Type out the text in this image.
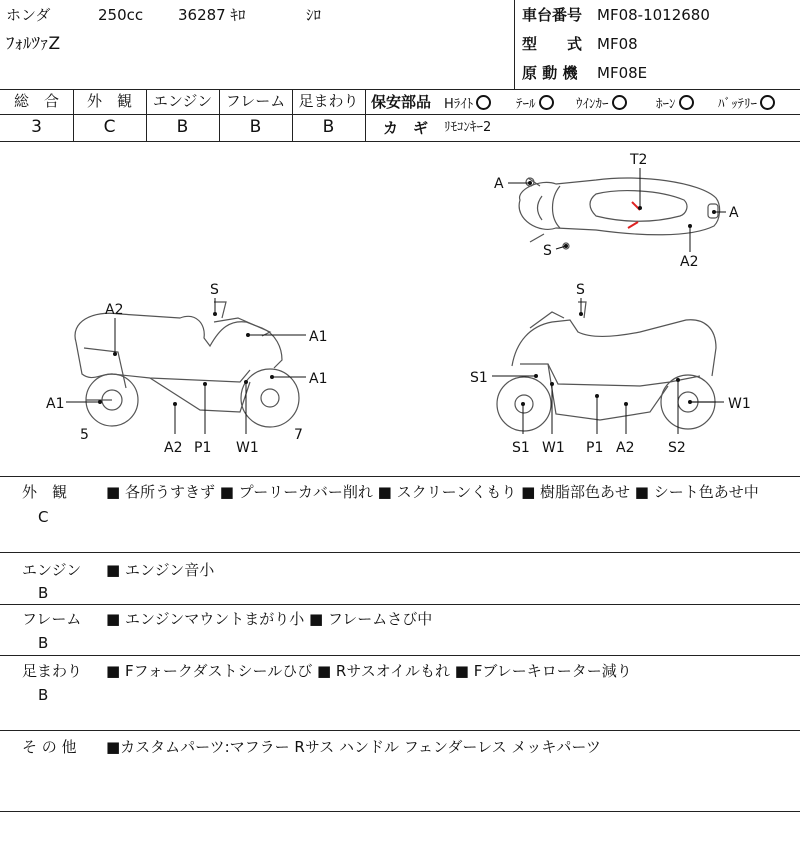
ホンダ	250cc 36287 ｷﾛ	ｼﾛ
ﾌｫﾙﾂｧZ
車台番号 MF08-1012680
型　　式 MF08
原 動 機 MF08E
総　合	外　観	エンジン フレーム 足まわり
3	C	B	B	B
保安部品 Hﾗｲﾄ	ﾃｰﾙ	ｳｲﾝｶｰ	ﾎｰﾝ	ﾊﾞｯﾃﾘｰ
カ　ギ ﾘﾓｺﾝｷｰ2
T2
A
A
S
A2
S
A2
A1
A1
A1
5
A2 P1 W1
7
S
S1
W1
S1 W1 P1 A2 S2
外　観
C
■ 各所うすきず ■ プーリーカバー削れ ■ スクリーンくもり ■ 樹脂部色あせ ■ シート色あせ中
エンジン
B
■ エンジン音小
フレーム
B
■ エンジンマウントまがり小 ■ フレームさび中
足まわり
B
■ Fフォークダストシールひび ■ Rサスオイルもれ ■ Fブレーキローター減り
そ の 他 ■カスタムパーツ:マフラー Rサス ハンドル フェンダーレス メッキパーツ
